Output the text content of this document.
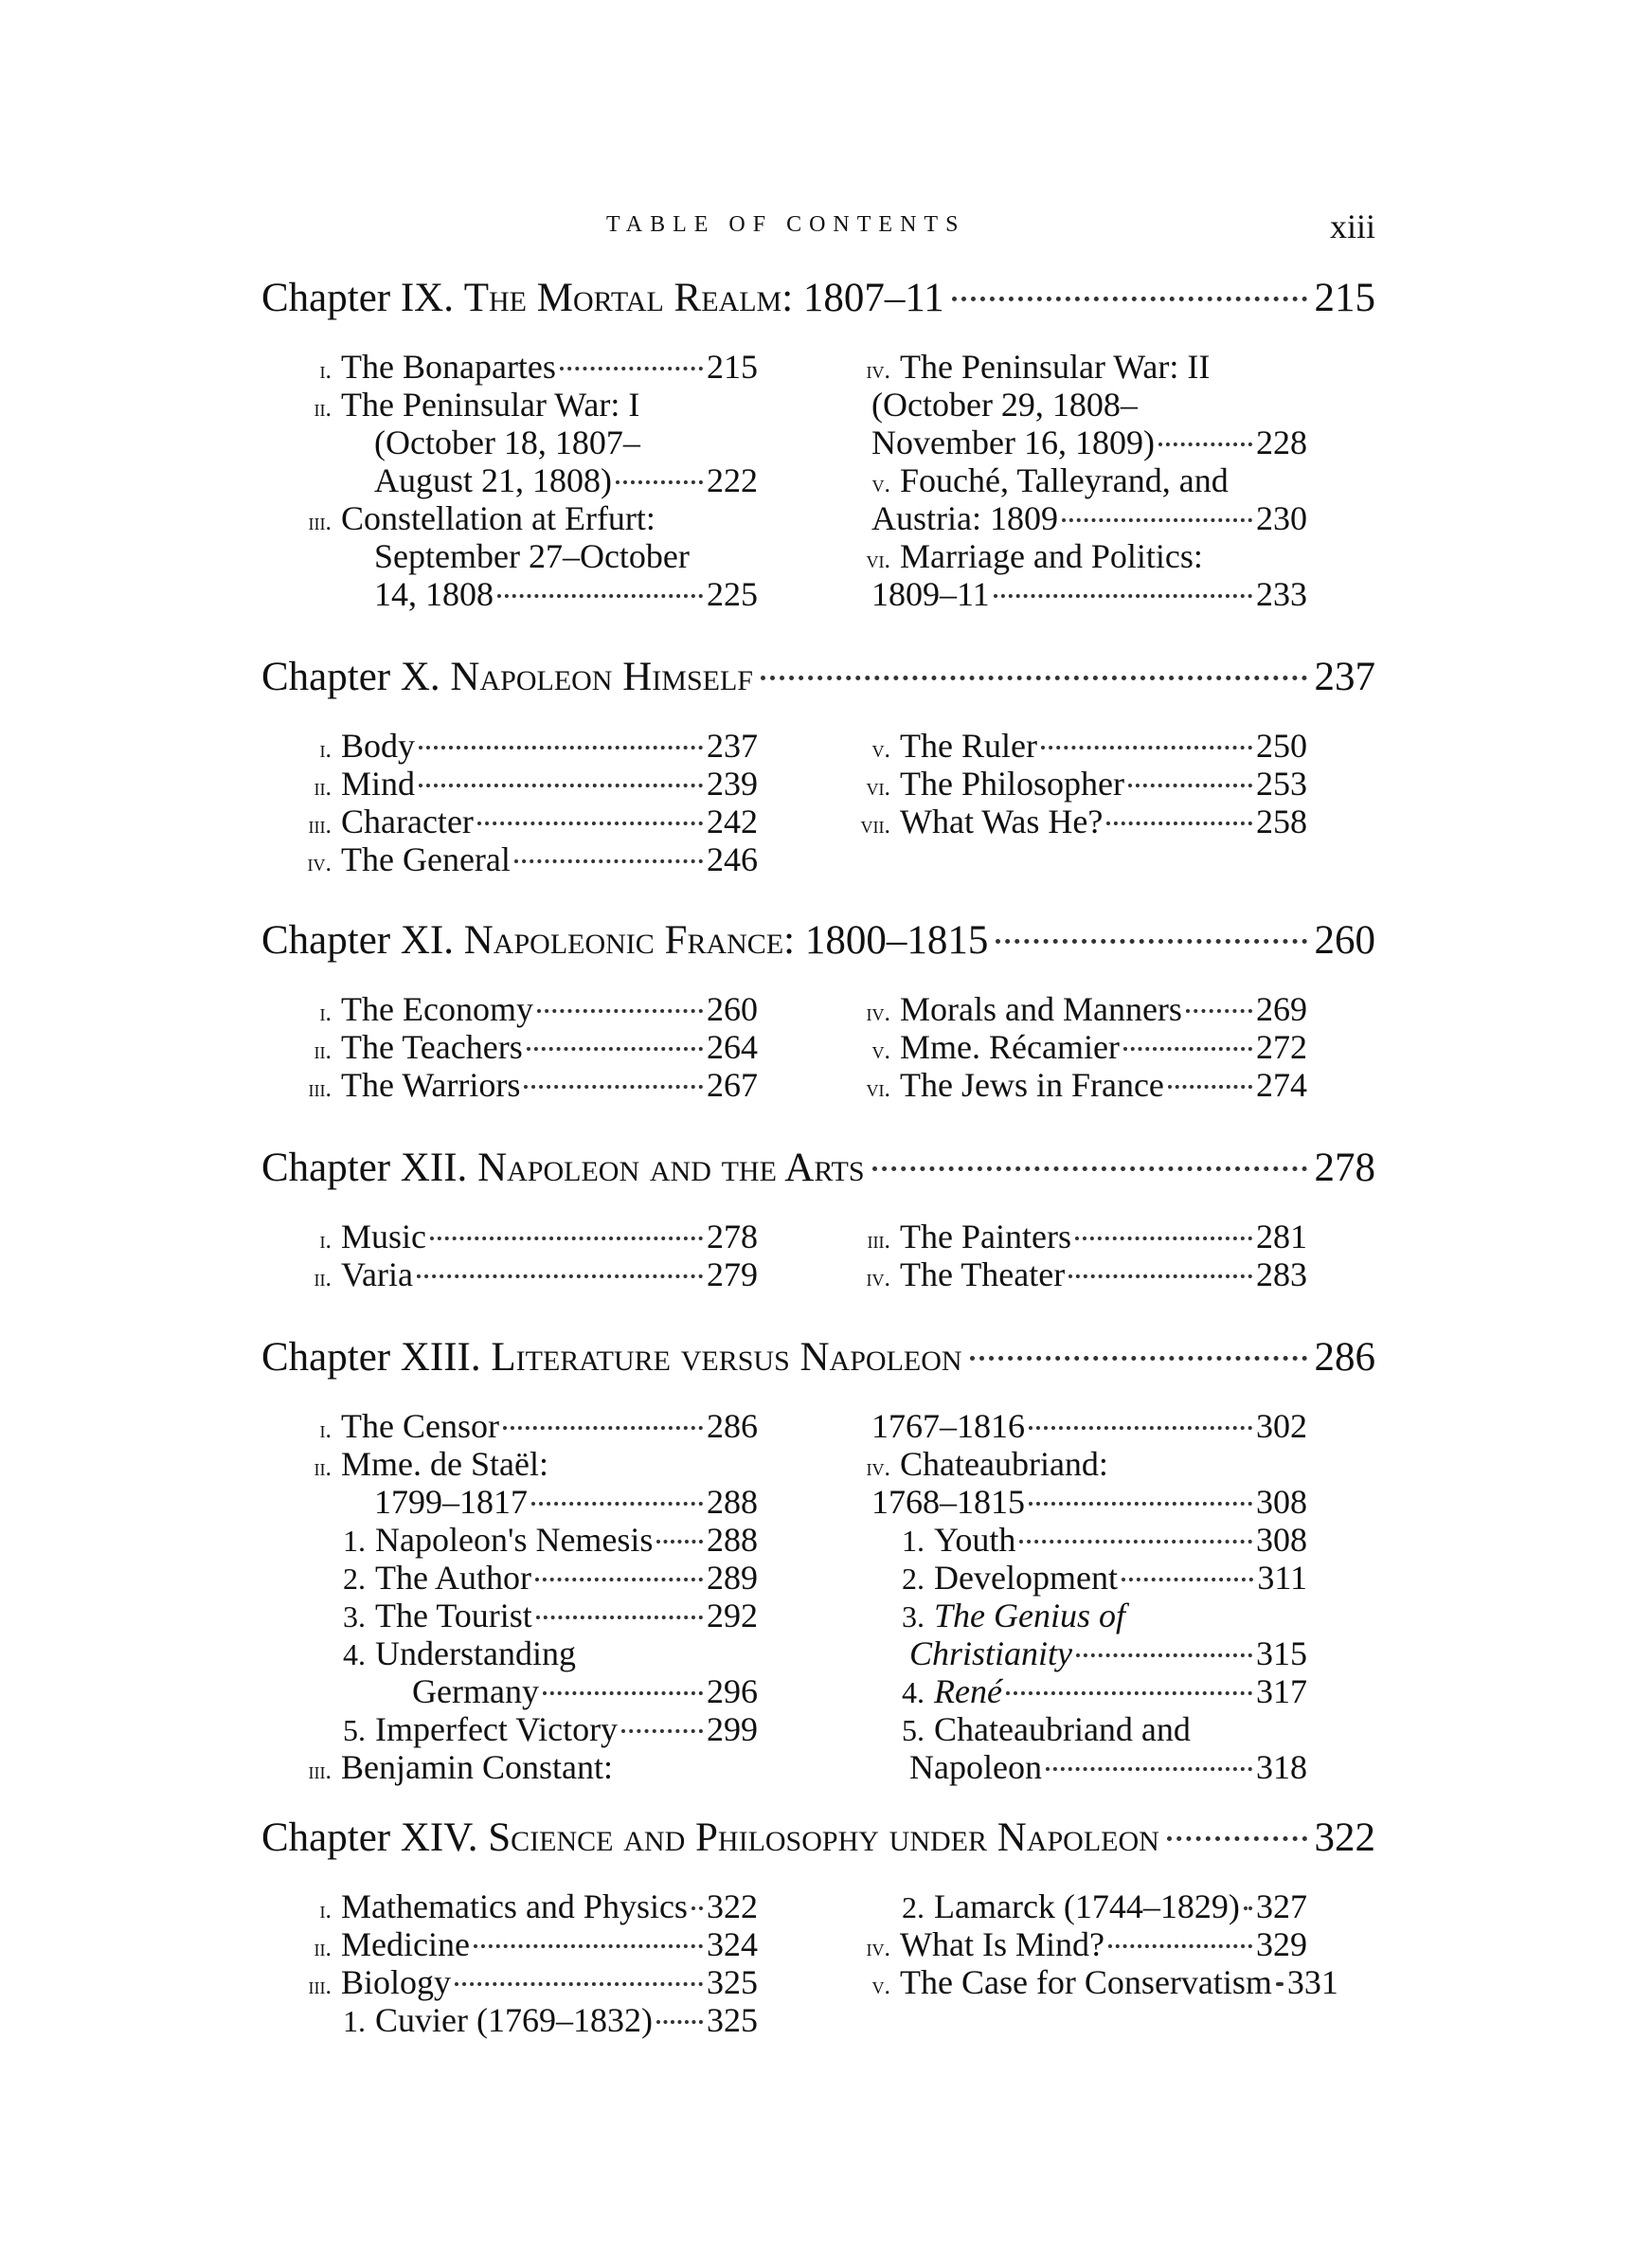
TABLE OF CONTENTS	xiii
Chapter IX. The Mortal Realm: 1807–11	215
i. The Bonapartes	215
ii. The Peninsular War: I
(October 18, 1807–
August 21, 1808)	222
iii. Constellation at Erfurt:
September 27–October
14, 1808	225
iv. The Peninsular War: II
(October 29, 1808–
November 16, 1809)	228
v. Fouché, Talleyrand, and
Austria: 1809	230
vi. Marriage and Politics:
1809–11	233
Chapter X. Napoleon Himself	237
i. Body	237
ii. Mind	239
iii. Character	242
iv. The General	246
v. The Ruler	250
vi. The Philosopher	253
vii. What Was He?	258
Chapter XI. Napoleonic France: 1800–1815	260
i. The Economy	260
ii. The Teachers	264
iii. The Warriors	267
iv. Morals and Manners 269
v. Mme. Récamier	272
vi. The Jews in France	274
Chapter XII. Napoleon and the Arts	278
i. Music	278
ii. Varia	279
iii. The Painters	281
iv. The Theater	283
Chapter XIII. Literature versus Napoleon	286
i. The Censor	286
ii. Mme. de Staël:
1799–1817	288
1. Napoleon's Nemesis 288
2. The Author	289
3. The Tourist	292
4. Understanding
Germany	296
5. Imperfect Victory	299
iii. Benjamin Constant:
1767–1816	302
iv. Chateaubriand:
1768–1815	308
1. Youth	308
2. Development	311
3. The Genius of
Christianity	315
4. René	317
5. Chateaubriand and
Napoleon	318
Chapter XIV. Science and Philosophy under Napoleon	322
i. Mathematics and Physics 322
ii. Medicine	324
iii. Biology	325
1. Cuvier (1769–1832) 325
2. Lamarck (1744–1829) 327
iv. What Is Mind?	329
v. The Case for Conservatism 331
